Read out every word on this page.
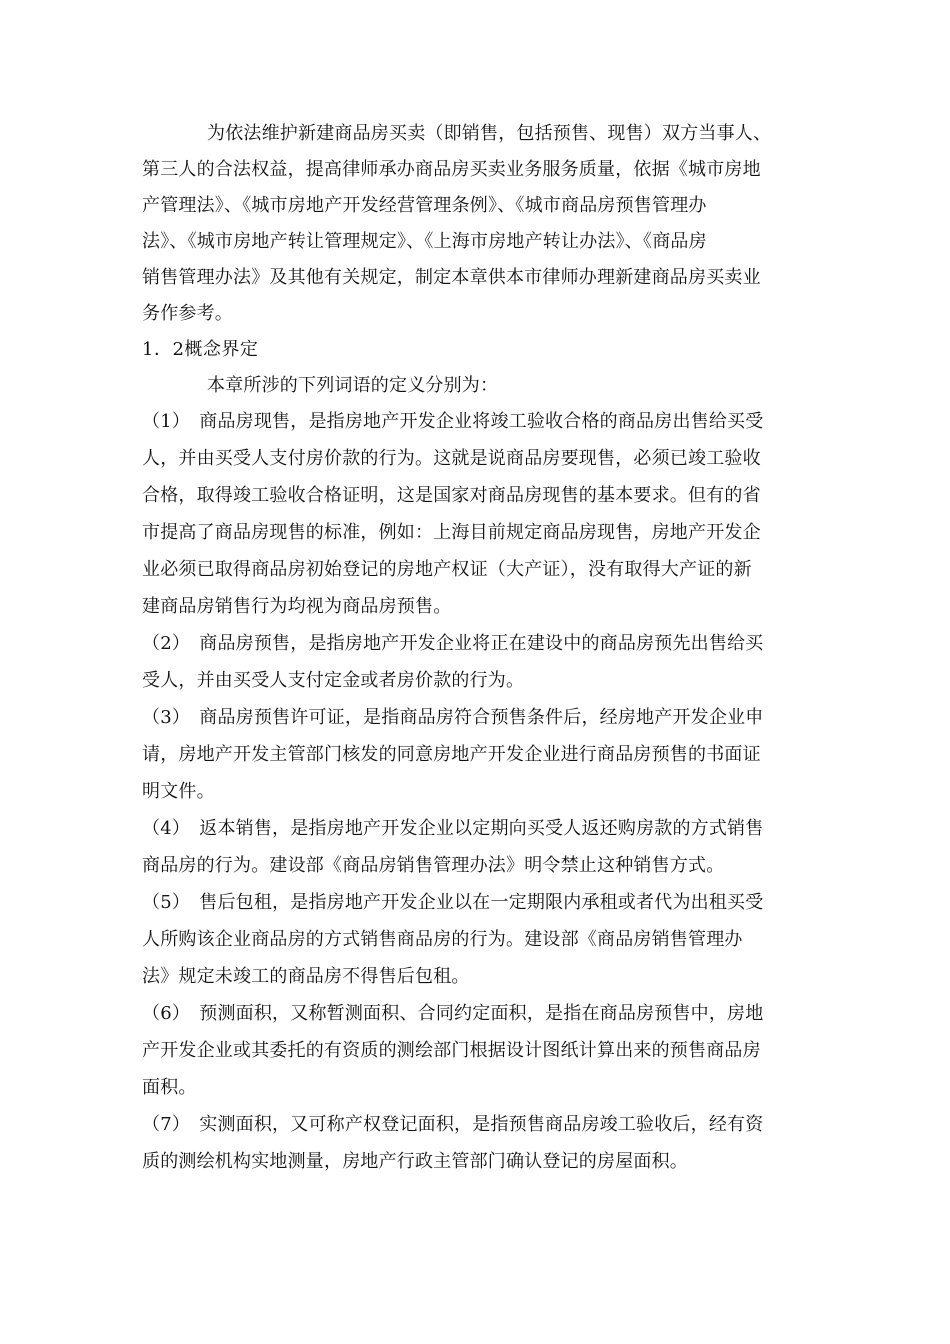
为依法维护新建商品房买卖（即销售，包括预售、现售）双方当事人、
第三人的合法权益，提高律师承办商品房买卖业务服务质量，依据《城市房地
产管理法》、《城市房地产开发经营管理条例》、《城市商品房预售管理办
法》、《城市房地产转让管理规定》、《上海市房地产转让办法》、《商品房
销售管理办法》及其他有关规定，制定本章供本市律师办理新建商品房买卖业
务作参考。
1．2概念界定
本章所涉的下列词语的定义分别为：
（1）　商品房现售，是指房地产开发企业将竣工验收合格的商品房出售给买受
人，并由买受人支付房价款的行为。这就是说商品房要现售，必须已竣工验收
合格，取得竣工验收合格证明，这是国家对商品房现售的基本要求。但有的省
市提高了商品房现售的标准，例如：上海目前规定商品房现售，房地产开发企
业必须已取得商品房初始登记的房地产权证（大产证），没有取得大产证的新
建商品房销售行为均视为商品房预售。
（2）　商品房预售，是指房地产开发企业将正在建设中的商品房预先出售给买
受人，并由买受人支付定金或者房价款的行为。
（3）　商品房预售许可证，是指商品房符合预售条件后，经房地产开发企业申
请，房地产开发主管部门核发的同意房地产开发企业进行商品房预售的书面证
明文件。
（4）　返本销售，是指房地产开发企业以定期向买受人返还购房款的方式销售
商品房的行为。建设部《商品房销售管理办法》明令禁止这种销售方式。
（5）　售后包租，是指房地产开发企业以在一定期限内承租或者代为出租买受
人所购该企业商品房的方式销售商品房的行为。建设部《商品房销售管理办
法》规定未竣工的商品房不得售后包租。
（6）　预测面积，又称暂测面积、合同约定面积，是指在商品房预售中，房地
产开发企业或其委托的有资质的测绘部门根据设计图纸计算出来的预售商品房
面积。
（7）　实测面积，又可称产权登记面积，是指预售商品房竣工验收后，经有资
质的测绘机构实地测量，房地产行政主管部门确认登记的房屋面积。
